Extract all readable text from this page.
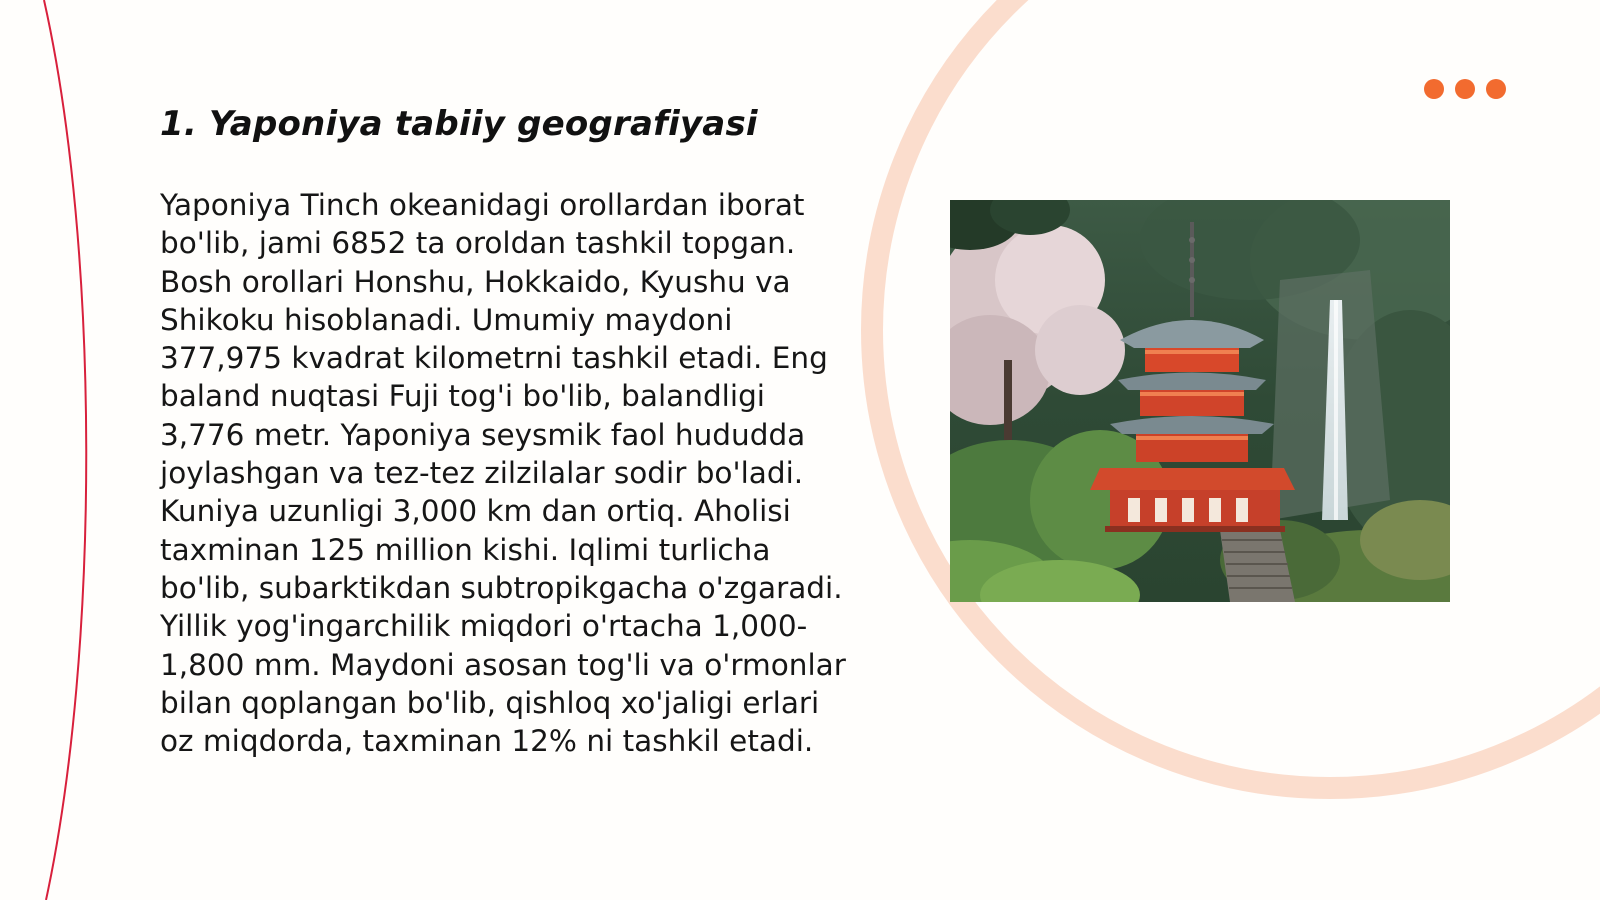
1. Yaponiya tabiiy geografiyasi

Yaponiya Tinch okeanidagi orollardan iborat bo'lib, jami 6852 ta oroldan tashkil topgan. Bosh orollari Honshu, Hokkaido, Kyushu va Shikoku hisoblanadi. Umumiy maydoni 377,975 kvadrat kilometrni tashkil etadi. Eng baland nuqtasi Fuji tog'i bo'lib, balandligi 3,776 metr. Yaponiya seysmik faol hududda joylashgan va tez-tez zilzilalar sodir bo'ladi. Kuniya uzunligi 3,000 km dan ortiq. Aholisi taxminan 125 million kishi. Iqlimi turlicha bo'lib, subarktikdan subtropikgacha o'zgaradi. Yillik yog'ingarchilik miqdori o'rtacha 1,000-1,800 mm. Maydoni asosan tog'li va o'rmonlar bilan qoplangan bo'lib, qishloq xo'jaligi erlari oz miqdorda, taxminan 12% ni tashkil etadi.
